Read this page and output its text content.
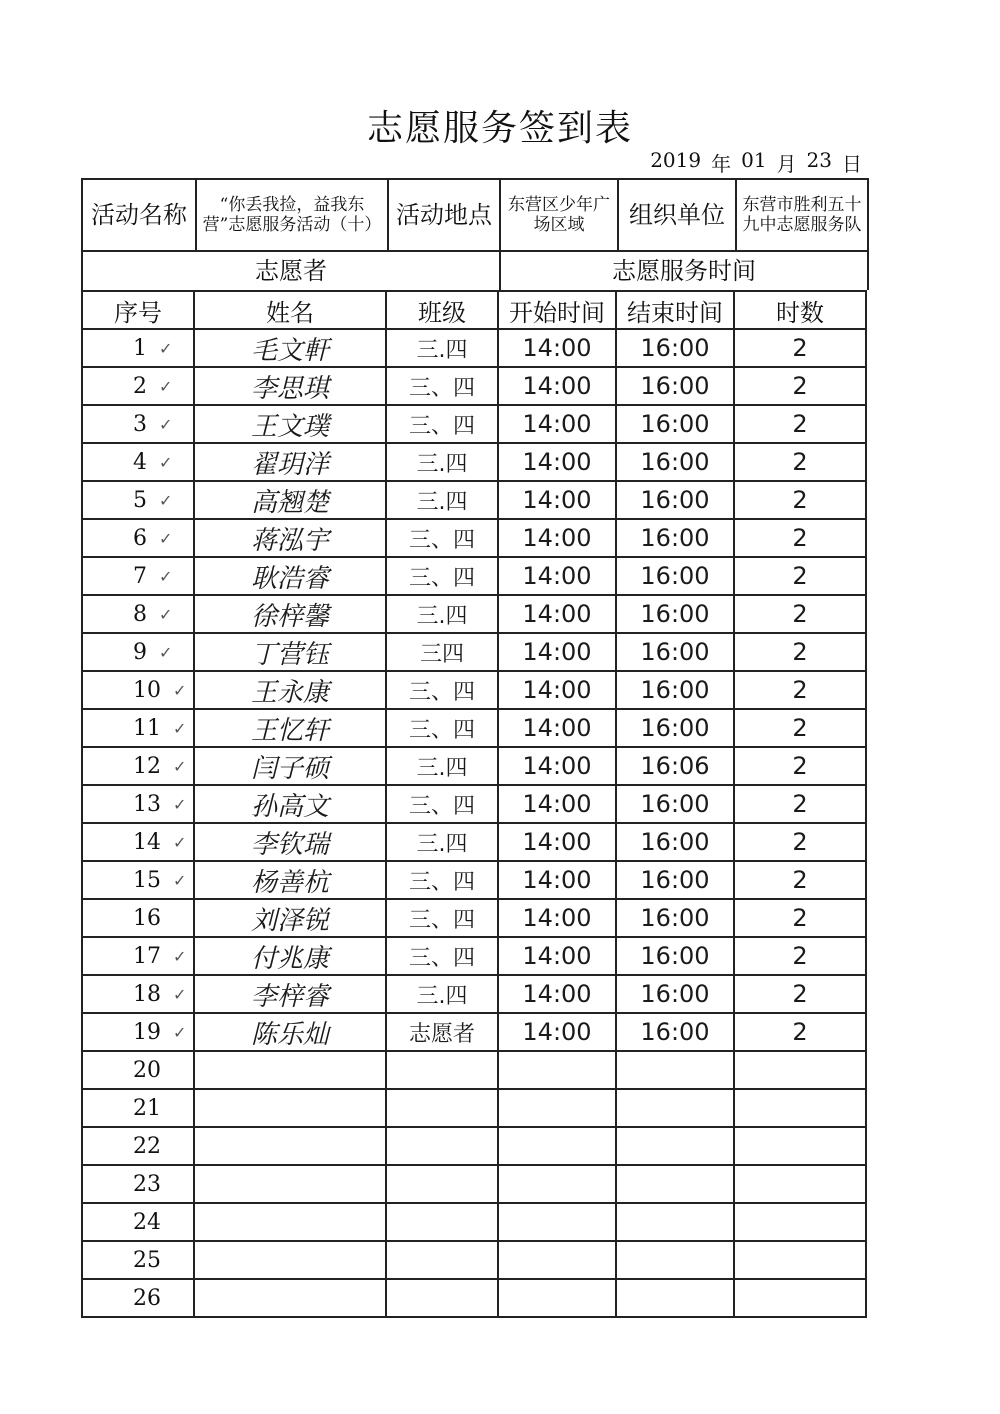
志愿服务签到表
2019 年 01 月 23 日
活动名称	“你丢我捡，益我东营”志愿服务活动（十） 活动地点 东营区少年广场区域	组织单位	东营市胜利五十九中志愿服务队
志愿者	志愿服务时间
序号	姓名	班级	开始时间 结束时间	时数
1 ✓	毛文軒	三.四 14:00 16:00	2
2 ✓	李思琪	三、四 14:00 16:00	2
3 ✓	王文璞	三、四 14:00 16:00	2
4 ✓	翟玥洋	三.四 14:00 16:00	2
5 ✓	高翘楚	三.四 14:00 16:00	2
6 ✓	蒋泓宇	三、四 14:00 16:00	2
7 ✓	耿浩睿	三、四 14:00 16:00	2
8 ✓	徐梓馨	三.四 14:00 16:00	2
9 ✓	丁营钰	三四 14:00 16:00	2
10 ✓ 王永康	三、四 14:00 16:00	2
11 ✓ 王忆轩	三、四 14:00 16:00	2
12 ✓ 闫子硕	三.四 14:00 16:06	2
13 ✓ 孙高文	三、四 14:00 16:00	2
14 ✓ 李钦瑞	三.四 14:00 16:00	2
15 ✓ 杨善杭	三、四 14:00 16:00	2
16	刘泽锐	三、四 14:00 16:00	2
17 ✓ 付兆康	三、四 14:00 16:00	2
18 ✓ 李梓睿	三.四 14:00 16:00	2
19 ✓ 陈乐灿	志愿者 14:00 16:00	2
20
21
22
23
24
25
26
